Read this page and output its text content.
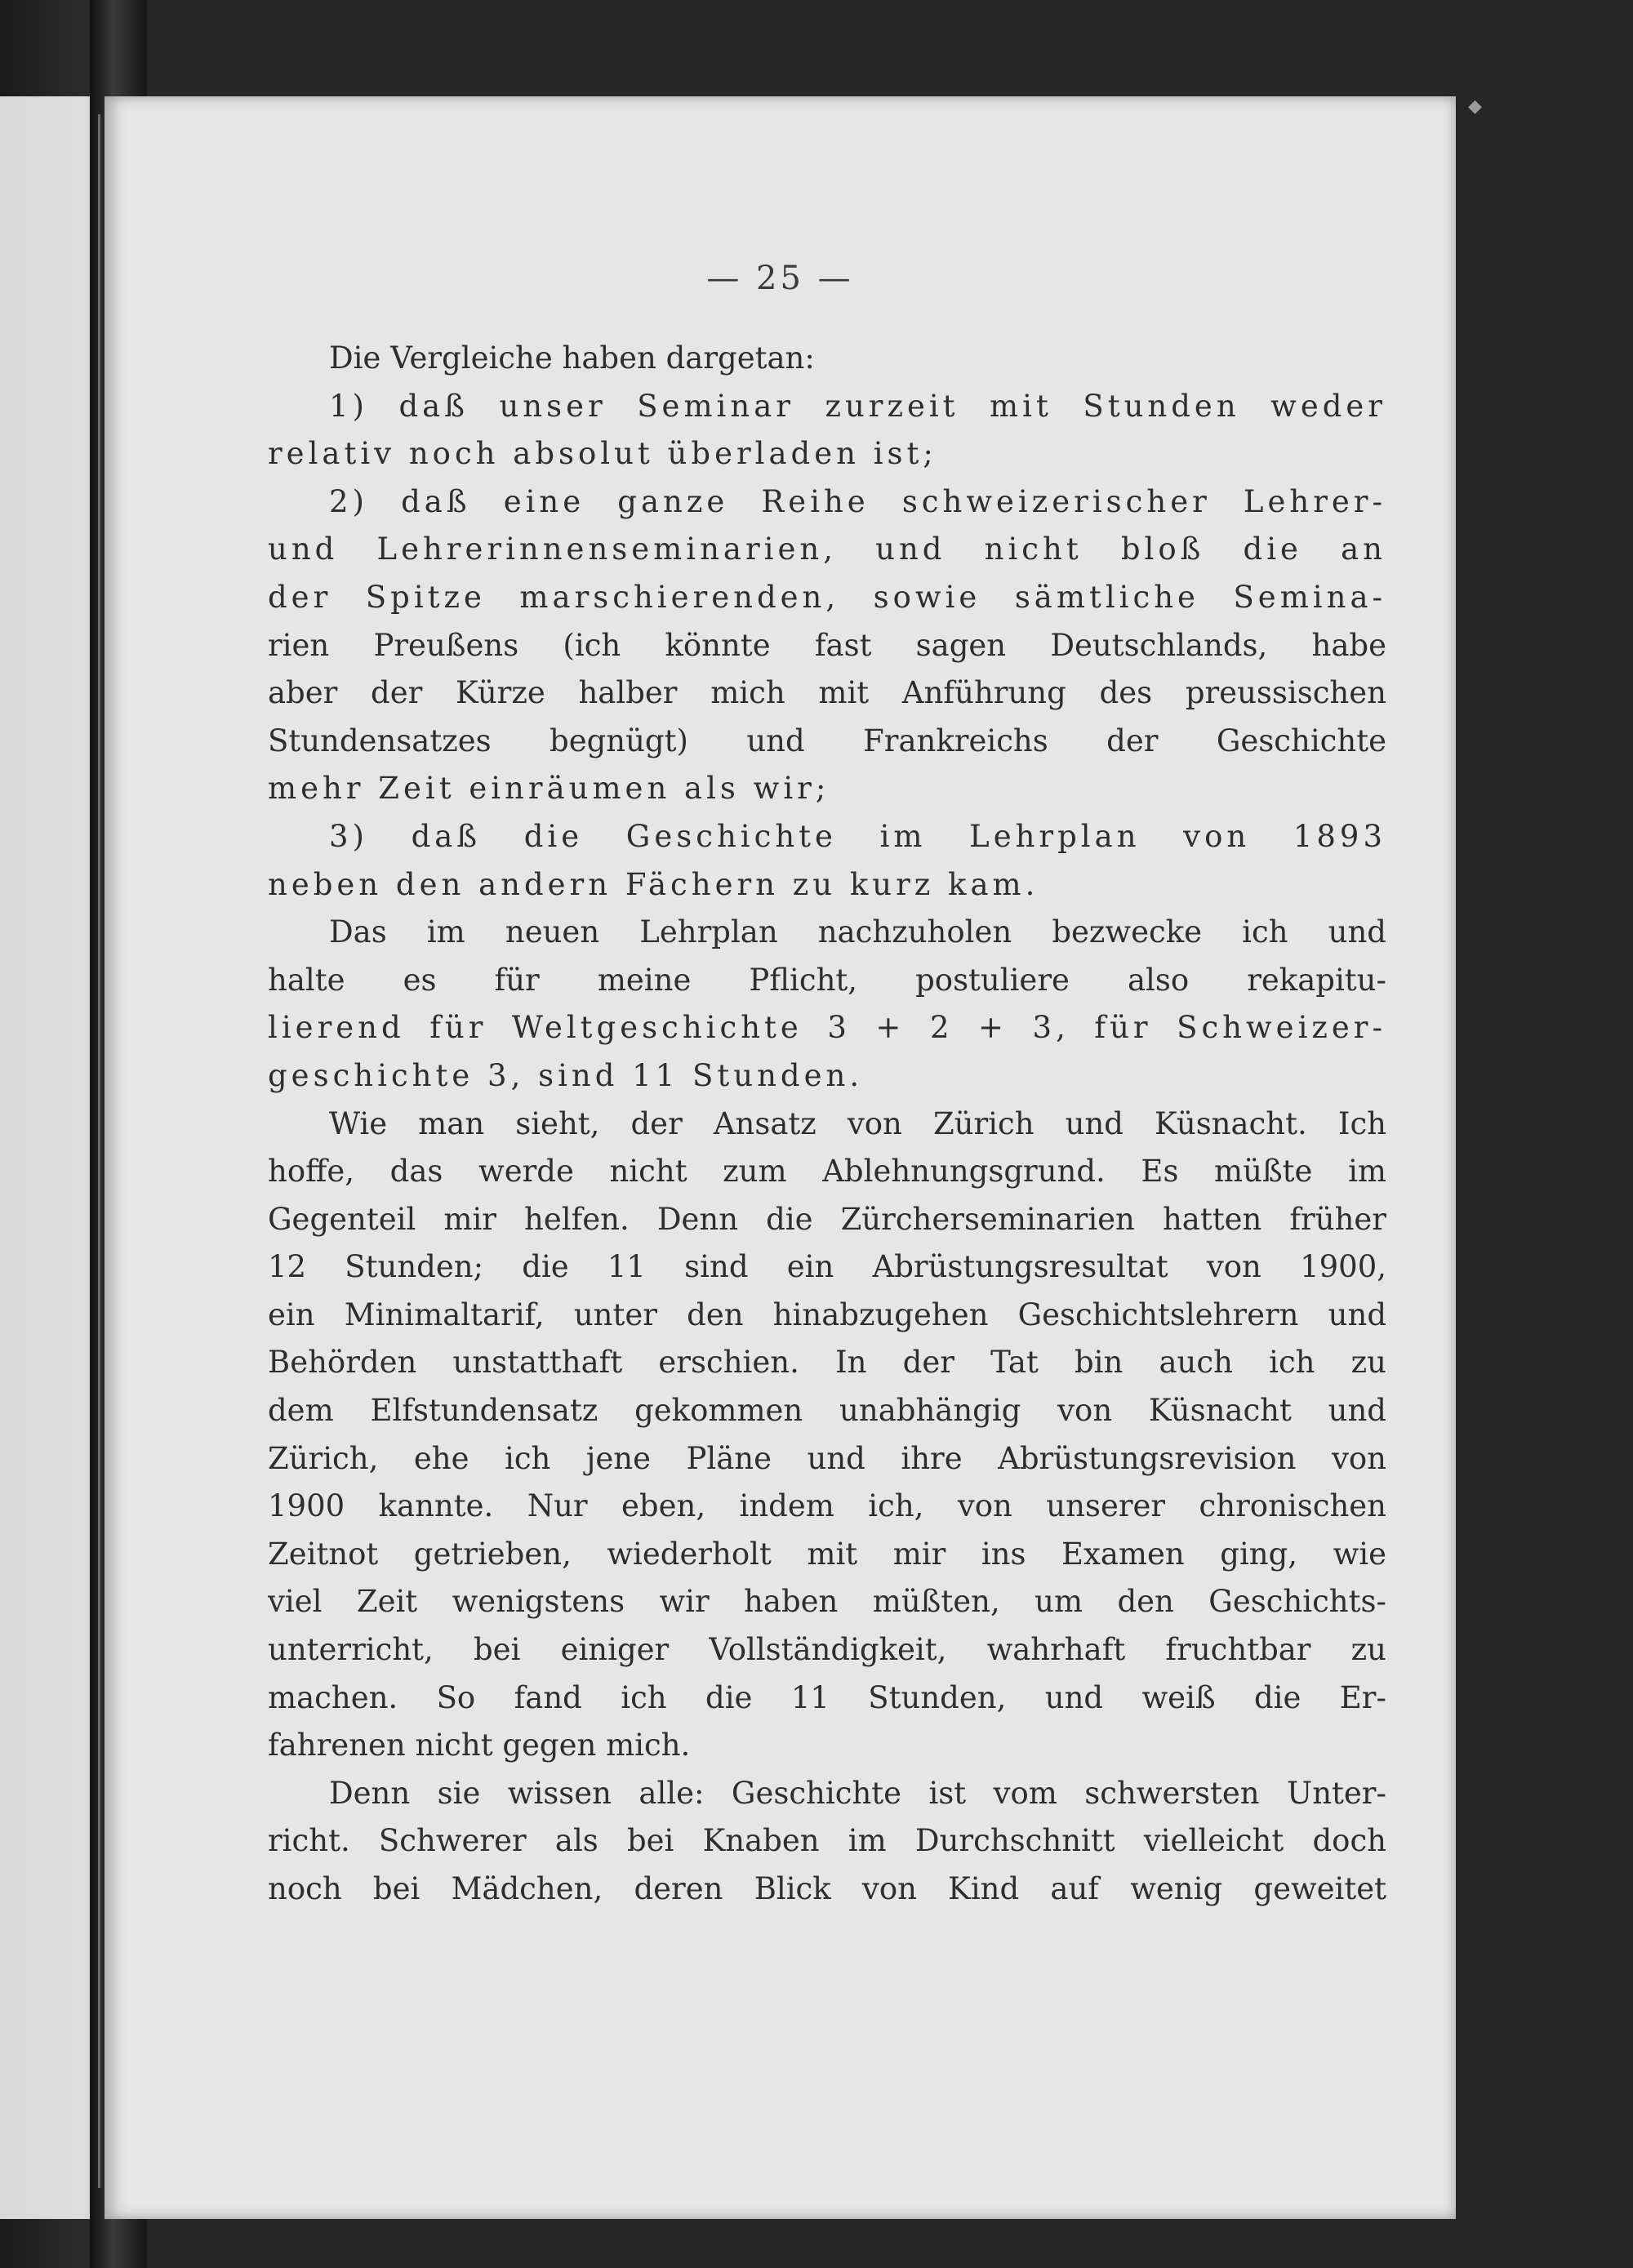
— 25 —
Die Vergleiche haben dargetan:
1) daß unser Seminar zurzeit mit Stunden weder
relativ noch absolut überladen ist;
2) daß eine ganze Reihe schweizerischer Lehrer-
und Lehrerinnenseminarien, und nicht bloß die an
der Spitze marschierenden, sowie sämtliche Semina-
rien Preußens (ich könnte fast sagen Deutschlands, habe
aber der Kürze halber mich mit Anführung des preussischen
Stundensatzes begnügt) und Frankreichs der Geschichte
mehr Zeit einräumen als wir;
3) daß die Geschichte im Lehrplan von 1893
neben den andern Fächern zu kurz kam.
Das im neuen Lehrplan nachzuholen bezwecke ich und
halte es für meine Pflicht, postuliere also rekapitu-
lierend für Weltgeschichte 3 + 2 + 3, für Schweizer-
geschichte 3, sind 11 Stunden.
Wie man sieht, der Ansatz von Zürich und Küsnacht. Ich
hoffe, das werde nicht zum Ablehnungsgrund. Es müßte im
Gegenteil mir helfen. Denn die Zürcherseminarien hatten früher
12 Stunden; die 11 sind ein Abrüstungsresultat von 1900,
ein Minimaltarif, unter den hinabzugehen Geschichtslehrern und
Behörden unstatthaft erschien. In der Tat bin auch ich zu
dem Elfstundensatz gekommen unabhängig von Küsnacht und
Zürich, ehe ich jene Pläne und ihre Abrüstungsrevision von
1900 kannte. Nur eben, indem ich, von unserer chronischen
Zeitnot getrieben, wiederholt mit mir ins Examen ging, wie
viel Zeit wenigstens wir haben müßten, um den Geschichts-
unterricht, bei einiger Vollständigkeit, wahrhaft fruchtbar zu
machen. So fand ich die 11 Stunden, und weiß die Er-
fahrenen nicht gegen mich.
Denn sie wissen alle: Geschichte ist vom schwersten Unter-
richt. Schwerer als bei Knaben im Durchschnitt vielleicht doch
noch bei Mädchen, deren Blick von Kind auf wenig geweitet
◆
